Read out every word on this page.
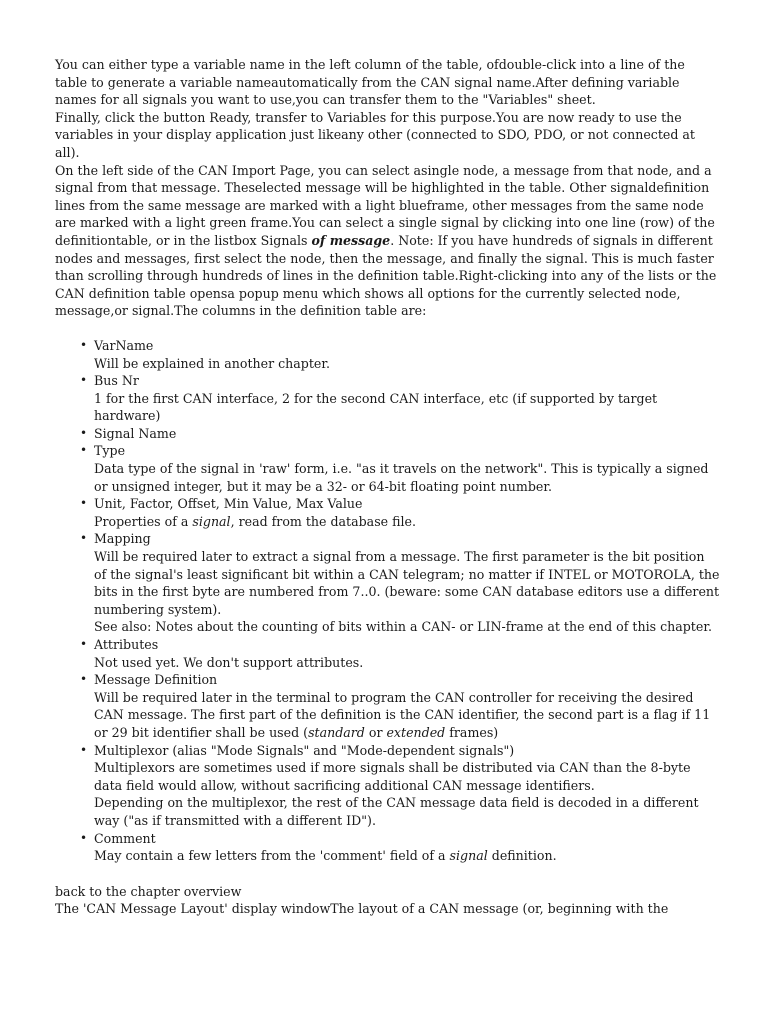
You can either type a variable name in the left column of the table, ofdouble-click into a line of the table to generate a variable nameautomatically from the CAN signal name.After defining variable names for all signals you want to use,you can transfer them to the "Variables" sheet.

Finally, click the button Ready, transfer to Variables for this purpose.You are now ready to use the variables in your display application just likeany other (connected to SDO, PDO, or not connected at all).

On the left side of the CAN Import Page, you can select asingle node, a message from that node, and a signal from that message. Theselected message will be highlighted in the table. Other signaldefinition lines from the same message are marked with a light blueframe, other messages from the same node are marked with a light green frame.You can select a single signal by clicking into one line (row) of the definitiontable, or in the listbox Signals of message. Note: If you have hundreds of signals in different nodes and messages, first select the node, then the message, and finally the signal. This is much faster than scrolling through hundreds of lines in the definition table.Right-clicking into any of the lists or the CAN definition table opensa popup menu which shows all options for the currently selected node, message,or signal.The columns in the definition table are:

• VarName
Will be explained in another chapter.
• Bus Nr
1 for the first CAN interface, 2 for the second CAN interface, etc (if supported by target hardware)
• Signal Name
• Type
Data type of the signal in 'raw' form, i.e. "as it travels on the network". This is typically a signed or unsigned integer, but it may be a 32- or 64-bit floating point number.
• Unit, Factor, Offset, Min Value, Max Value
Properties of a signal, read from the database file.
• Mapping
Will be required later to extract a signal from a message. The first parameter is the bit position of the signal's least significant bit within a CAN telegram; no matter if INTEL or MOTOROLA, the bits in the first byte are numbered from 7..0. (beware: some CAN database editors use a different numbering system).
See also: Notes about the counting of bits within a CAN- or LIN-frame at the end of this chapter.
• Attributes
Not used yet. We don't support attributes.
• Message Definition
Will be required later in the terminal to program the CAN controller for receiving the desired CAN message. The first part of the definition is the CAN identifier, the second part is a flag if 11 or 29 bit identifier shall be used (standard or extended frames)
• Multiplexor (alias "Mode Signals" and "Mode-dependent signals")
Multiplexors are sometimes used if more signals shall be distributed via CAN than the 8-byte data field would allow, without sacrificing additional CAN message identifiers.
Depending on the multiplexor, the rest of the CAN message data field is decoded in a different way ("as if transmitted with a different ID").
• Comment
May contain a few letters from the 'comment' field of a signal definition.

back to the chapter overview

The 'CAN Message Layout' display windowThe layout of a CAN message (or, beginning with the
